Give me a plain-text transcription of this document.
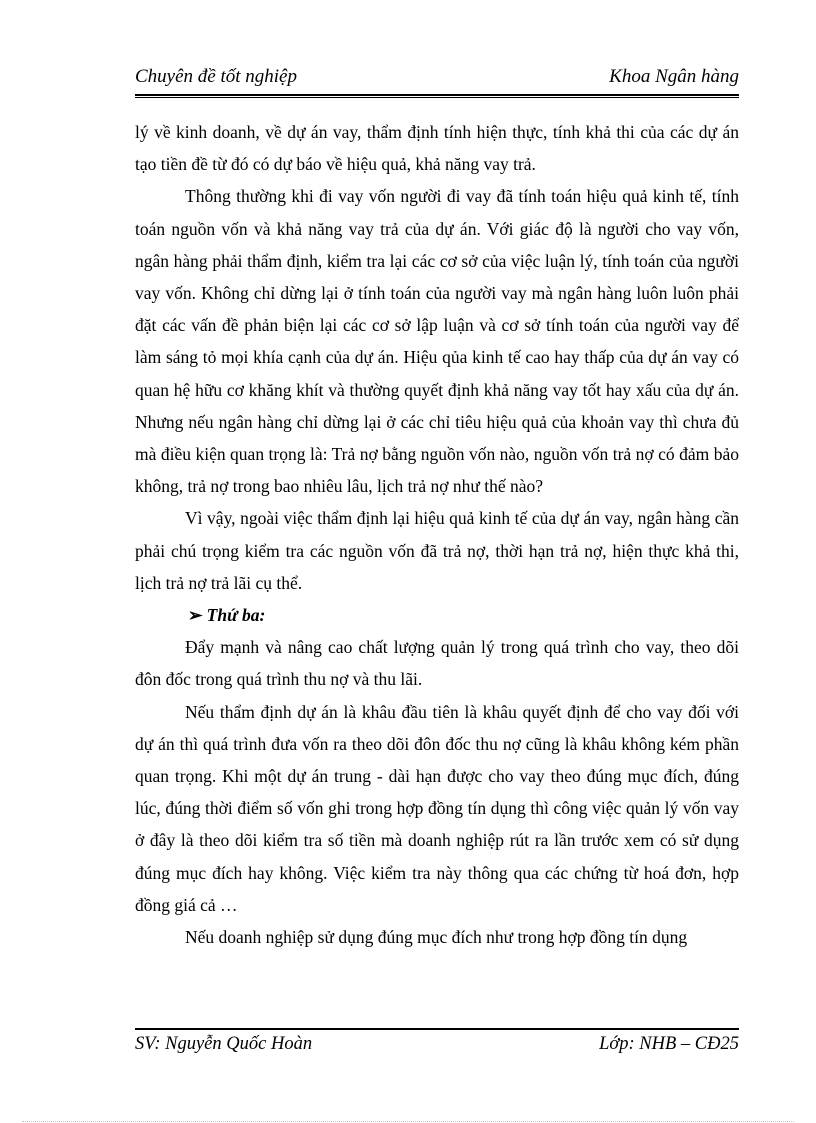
Chuyên đề tốt nghiệp	Khoa Ngân hàng

lý về kinh doanh, về dự án vay, thẩm định tính hiện thực, tính khả thi của các dự án tạo tiền đề từ đó có dự báo về hiệu quả, khả năng vay trả.

Thông thường khi đi vay vốn người đi vay đã tính toán hiệu quả kinh tế, tính toán nguồn vốn và khả năng vay trả của dự án. Với giác độ là người cho vay vốn, ngân hàng phải thẩm định, kiểm tra lại các cơ sở của việc luận lý, tính toán của người vay vốn. Không chỉ dừng lại ở tính toán của người vay mà ngân hàng luôn luôn phải đặt các vấn đề phản biện lại các cơ sở lập luận và cơ sở tính toán của người vay để làm sáng tỏ mọi khía cạnh của dự án. Hiệu qủa kinh tế cao hay thấp của dự án vay có quan hệ hữu cơ khăng khít và thường quyết định khả năng vay tốt hay xấu của dự án. Nhưng nếu ngân hàng chỉ dừng lại ở các chỉ tiêu hiệu quả của khoản vay thì chưa đủ mà điều kiện quan trọng là: Trả nợ bằng nguồn vốn nào, nguồn vốn trả nợ có đảm bảo không, trả nợ trong bao nhiêu lâu, lịch trả nợ như thế nào?

Vì vậy, ngoài việc thẩm định lại hiệu quả kinh tế của dự án vay, ngân hàng cần phải chú trọng kiểm tra các nguồn vốn đã trả nợ, thời hạn trả nợ, hiện thực khả thi, lịch trả nợ trả lãi cụ thể.

➢ Thứ ba:

Đẩy mạnh và nâng cao chất lượng quản lý trong quá trình cho vay, theo dõi đôn đốc trong quá trình thu nợ và thu lãi.

Nếu thẩm định dự án là khâu đầu tiên là khâu quyết định để cho vay đối với dự án thì quá trình đưa vốn ra theo dõi đôn đốc thu nợ cũng là khâu không kém phần quan trọng. Khi một dự án trung - dài hạn được cho vay theo đúng mục đích, đúng lúc, đúng thời điểm số vốn ghi trong hợp đồng tín dụng thì công việc quản lý vốn vay ở đây là theo dõi kiểm tra số tiền mà doanh nghiệp rút ra lần trước xem có sử dụng đúng mục đích hay không. Việc kiểm tra này thông qua các chứng từ hoá đơn, hợp đồng giá cả …

Nếu doanh nghiệp sử dụng đúng mục đích như trong hợp đồng tín dụng

SV: Nguyễn Quốc Hoàn	Lớp: NHB – CĐ25
